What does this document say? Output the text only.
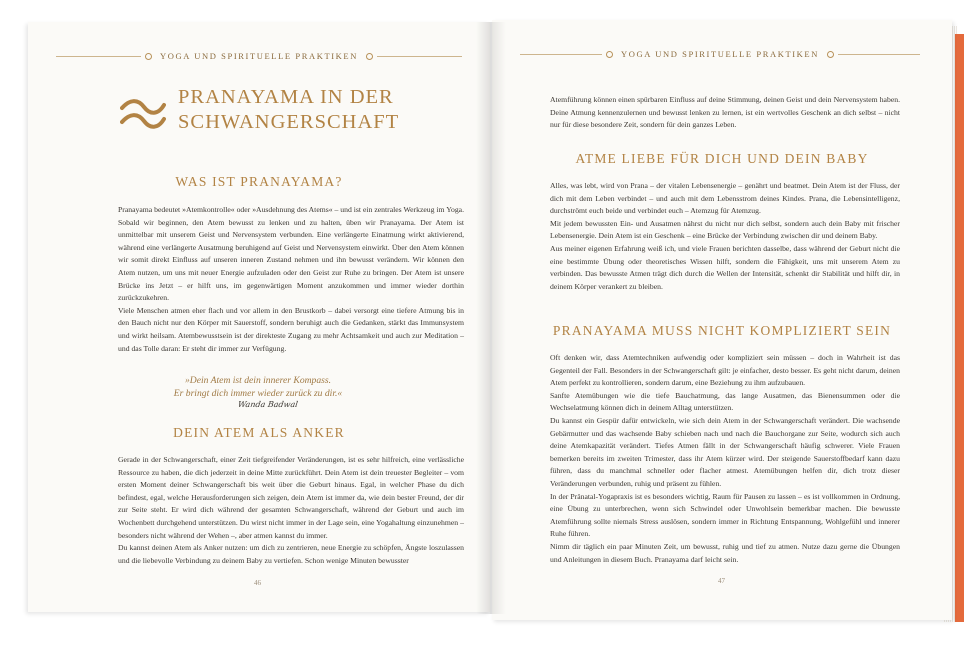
YOGA UND SPIRITUELLE PRAKTIKEN
PRANAYAMA IN DER
SCHWANGERSCHAFT
WAS IST PRANAYAMA?

Pranayama bedeutet »Atemkontrolle« oder »Ausdehnung des Atems« – und ist ein zentrales Werkzeug im Yoga. Sobald wir beginnen, den Atem bewusst zu lenken und zu halten, üben wir Pranayama. Der Atem ist unmittelbar mit unserem Geist und Nervensystem verbunden. Eine verlängerte Einatmung wirkt aktivierend, während eine verlängerte Ausatmung beruhigend auf Geist und Nervensystem einwirkt. Über den Atem können wir somit direkt Einfluss auf unseren inneren Zustand nehmen und ihn bewusst verändern. Wir können den Atem nutzen, um uns mit neuer Energie aufzuladen oder den Geist zur Ruhe zu bringen. Der Atem ist unsere Brücke ins Jetzt – er hilft uns, im gegenwärtigen Moment anzukommen und immer wieder dorthin zurückzukehren.

Viele Menschen atmen eher flach und vor allem in den Brustkorb – dabei versorgt eine tiefere Atmung bis in den Bauch nicht nur den Körper mit Sauerstoff, sondern beruhigt auch die Gedanken, stärkt das Immunsystem und wirkt heilsam. Atembewusstsein ist der direkteste Zugang zu mehr Achtsamkeit und auch zur Meditation – und das Tolle daran: Er steht dir immer zur Verfügung.

»Dein Atem ist dein innerer Kompass.
Er bringt dich immer wieder zurück zu dir.«
Wanda Badwal
DEIN ATEM ALS ANKER

Gerade in der Schwangerschaft, einer Zeit tiefgreifender Veränderungen, ist es sehr hilfreich, eine verlässliche Ressource zu haben, die dich jederzeit in deine Mitte zurückführt. Dein Atem ist dein treuester Begleiter – vom ersten Moment deiner Schwangerschaft bis weit über die Geburt hinaus. Egal, in welcher Phase du dich befindest, egal, welche Herausforderungen sich zeigen, dein Atem ist immer da, wie dein bester Freund, der dir zur Seite steht. Er wird dich während der gesamten Schwangerschaft, während der Geburt und auch im Wochenbett durchgehend unterstützen. Du wirst nicht immer in der Lage sein, eine Yogahaltung einzunehmen – besonders nicht während der Wehen –, aber atmen kannst du immer.

Du kannst deinen Atem als Anker nutzen: um dich zu zentrieren, neue Energie zu schöpfen, Ängste loszulassen und die liebevolle Verbindung zu deinem Baby zu vertiefen. Schon wenige Minuten bewusster

46
YOGA UND SPIRITUELLE PRAKTIKEN

Atemführung können einen spürbaren Einfluss auf deine Stimmung, deinen Geist und dein Nervensystem haben. Deine Atmung kennenzulernen und bewusst lenken zu lernen, ist ein wertvolles Geschenk an dich selbst – nicht nur für diese besondere Zeit, sondern für dein ganzes Leben.

ATME LIEBE FÜR DICH UND DEIN BABY

Alles, was lebt, wird von Prana – der vitalen Lebensenergie – genährt und beatmet. Dein Atem ist der Fluss, der dich mit dem Leben verbindet – und auch mit dem Lebensstrom deines Kindes. Prana, die Lebensintelligenz, durchströmt euch beide und verbindet euch – Atemzug für Atemzug.

Mit jedem bewussten Ein- und Ausatmen nährst du nicht nur dich selbst, sondern auch dein Baby mit frischer Lebensenergie. Dein Atem ist ein Geschenk – eine Brücke der Verbindung zwischen dir und deinem Baby.

Aus meiner eigenen Erfahrung weiß ich, und viele Frauen berichten dasselbe, dass während der Geburt nicht die eine bestimmte Übung oder theoretisches Wissen hilft, sondern die Fähigkeit, uns mit unserem Atem zu verbinden. Das bewusste Atmen trägt dich durch die Wellen der Intensität, schenkt dir Stabilität und hilft dir, in deinem Körper verankert zu bleiben.

PRANAYAMA MUSS NICHT KOMPLIZIERT SEIN

Oft denken wir, dass Atemtechniken aufwendig oder kompliziert sein müssen – doch in Wahrheit ist das Gegenteil der Fall. Besonders in der Schwangerschaft gilt: je einfacher, desto besser. Es geht nicht darum, deinen Atem perfekt zu kontrollieren, sondern darum, eine Beziehung zu ihm aufzubauen.

Sanfte Atemübungen wie die tiefe Bauchatmung, das lange Ausatmen, das Bienensummen oder die Wechselatmung können dich in deinem Alltag unterstützen.

Du kannst ein Gespür dafür entwickeln, wie sich dein Atem in der Schwangerschaft verändert. Die wachsende Gebärmutter und das wachsende Baby schieben nach und nach die Bauchorgane zur Seite, wodurch sich auch deine Atemkapazität verändert. Tiefes Atmen fällt in der Schwangerschaft häufig schwerer. Viele Frauen bemerken bereits im zweiten Trimester, dass ihr Atem kürzer wird. Der steigende Sauerstoffbedarf kann dazu führen, dass du manchmal schneller oder flacher atmest. Atemübungen helfen dir, dich trotz dieser Veränderungen verbunden, ruhig und präsent zu fühlen.

In der Pränatal-Yogapraxis ist es besonders wichtig, Raum für Pausen zu lassen – es ist vollkommen in Ordnung, eine Übung zu unterbrechen, wenn sich Schwindel oder Unwohlsein bemerkbar machen. Die bewusste Atemführung sollte niemals Stress auslösen, sondern immer in Richtung Entspannung, Wohlgefühl und innerer Ruhe führen.

Nimm dir täglich ein paar Minuten Zeit, um bewusst, ruhig und tief zu atmen. Nutze dazu gerne die Übungen und Anleitungen in diesem Buch. Pranayama darf leicht sein.

47
